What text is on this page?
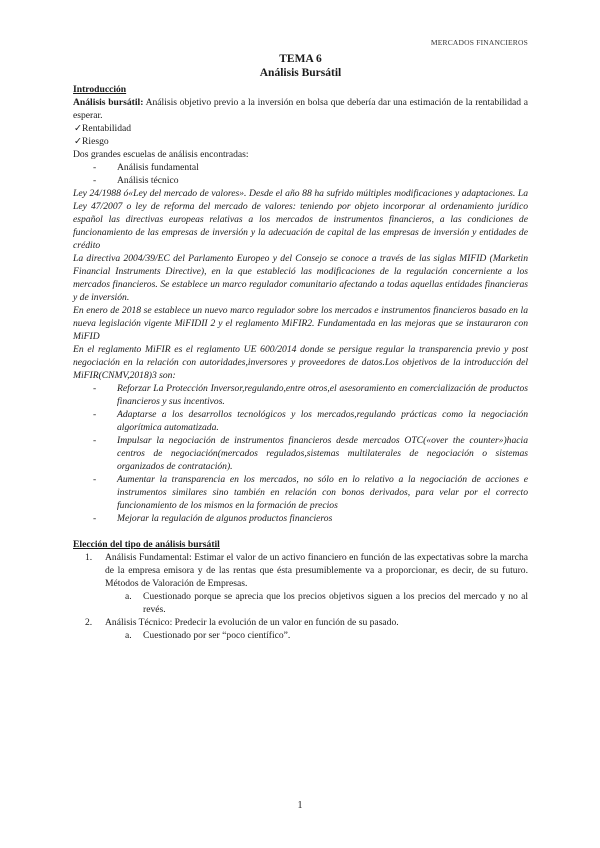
MERCADOS FINANCIEROS
TEMA 6
Análisis Bursátil

Introducción

Análisis bursátil: Análisis objetivo previo a la inversión en bolsa que debería dar una estimación de la rentabilidad a esperar.

✓Rentabilidad

✓Riesgo

Dos grandes escuelas de análisis encontradas:

-	Análisis fundamental
-	Análisis técnico

Ley 24/1988 ó«Ley del mercado de valores». Desde el año 88 ha sufrido múltiples modificaciones y adaptaciones. La Ley 47/2007 o ley de reforma del mercado de valores: teniendo por objeto incorporar al ordenamiento jurídico español las directivas europeas relativas a los mercados de instrumentos financieros, a las condiciones de funcionamiento de las empresas de inversión y la adecuación de capital de las empresas de inversión y entidades de crédito

La directiva 2004/39/EC del Parlamento Europeo y del Consejo se conoce a través de las siglas MIFID (Marketin Financial Instruments Directive), en la que estableció las modificaciones de la regulación concerniente a los mercados financieros. Se establece un marco regulador comunitario afectando a todas aquellas entidades financieras y de inversión.

En enero de 2018 se establece un nuevo marco regulador sobre los mercados e instrumentos financieros basado en la nueva legislación vigente MiFIDII 2 y el reglamento MiFIR2. Fundamentada en las mejoras que se instauraron con MiFID

En el reglamento MiFIR es el reglamento UE 600/2014 donde se persigue regular la transparencia previo y post negociación en la relación con autoridades,inversores y proveedores de datos.Los objetivos de la introducción del MiFIR(CNMV,2018)3 son:

-	Reforzar La Protección Inversor,regulando,entre otros,el asesoramiento en comercialización de productos financieros y sus incentivos.
-	Adaptarse a los desarrollos tecnológicos y los mercados,regulando prácticas como la negociación algorítmica automatizada.
-	Impulsar la negociación de instrumentos financieros desde mercados OTC(«over the counter»)hacia centros de negociación(mercados regulados,sistemas multilaterales de negociación o sistemas organizados de contratación).
-	Aumentar la transparencia en los mercados, no sólo en lo relativo a la negociación de acciones e instrumentos similares sino también en relación con bonos derivados, para velar por el correcto funcionamiento de los mismos en la formación de precios
-	Mejorar la regulación de algunos productos financieros

Elección del tipo de análisis bursátil

1.	Análisis Fundamental: Estimar el valor de un activo financiero en función de las expectativas sobre la marcha de la empresa emisora y de las rentas que ésta presumiblemente va a proporcionar, es decir, de su futuro. Métodos de Valoración de Empresas.
a.	Cuestionado porque se aprecia que los precios objetivos siguen a los precios del mercado y no al revés.
2.	Análisis Técnico: Predecir la evolución de un valor en función de su pasado.
a.	Cuestionado por ser “poco científico”.
1
